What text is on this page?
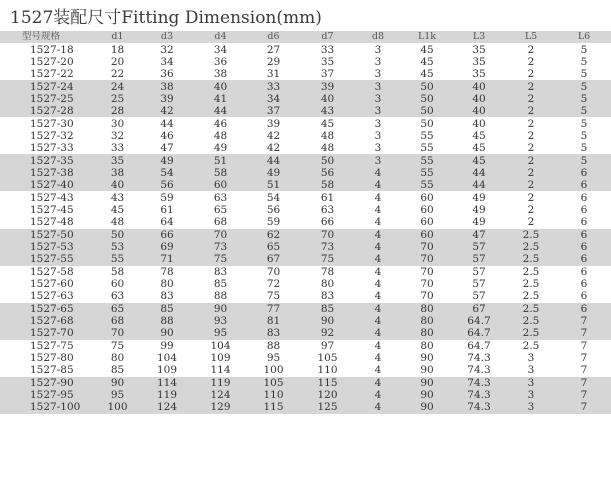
1527装配尺寸Fitting Dimension(mm)
型号规格	d1	d3	d4	d6	d7	d8	L1k	L3	L5	L6
1527-18	18	32	34	27	33	3	45	35	2	5
1527-20	20	34	36	29	35	3	45	35	2	5
1527-22	22	36	38	31	37	3	45	35	2	5
1527-24	24	38	40	33	39	3	50	40	2	5
1527-25	25	39	41	34	40	3	50	40	2	5
1527-28	28	42	44	37	43	3	50	40	2	5
1527-30	30	44	46	39	45	3	50	40	2	5
1527-32	32	46	48	42	48	3	55	45	2	5
1527-33	33	47	49	42	48	3	55	45	2	5
1527-35	35	49	51	44	50	3	55	45	2	5
1527-38	38	54	58	49	56	4	55	44	2	6
1527-40	40	56	60	51	58	4	55	44	2	6
1527-43	43	59	63	54	61	4	60	49	2	6
1527-45	45	61	65	56	63	4	60	49	2	6
1527-48	48	64	68	59	66	4	60	49	2	6
1527-50	50	66	70	62	70	4	60	47	2.5	6
1527-53	53	69	73	65	73	4	70	57	2.5	6
1527-55	55	71	75	67	75	4	70	57	2.5	6
1527-58	58	78	83	70	78	4	70	57	2.5	6
1527-60	60	80	85	72	80	4	70	57	2.5	6
1527-63	63	83	88	75	83	4	70	57	2.5	6
1527-65	65	85	90	77	85	4	80	67	2.5	6
1527-68	68	88	93	81	90	4	80	64.7	2.5	7
1527-70	70	90	95	83	92	4	80	64.7	2.5	7
1527-75	75	99	104	88	97	4	80	64.7	2.5	7
1527-80	80	104	109	95	105	4	90	74.3	3	7
1527-85	85	109	114	100	110	4	90	74.3	3	7
1527-90	90	114	119	105	115	4	90	74.3	3	7
1527-95	95	119	124	110	120	4	90	74.3	3	7
1527-100	100	124	129	115	125	4	90	74.3	3	7
